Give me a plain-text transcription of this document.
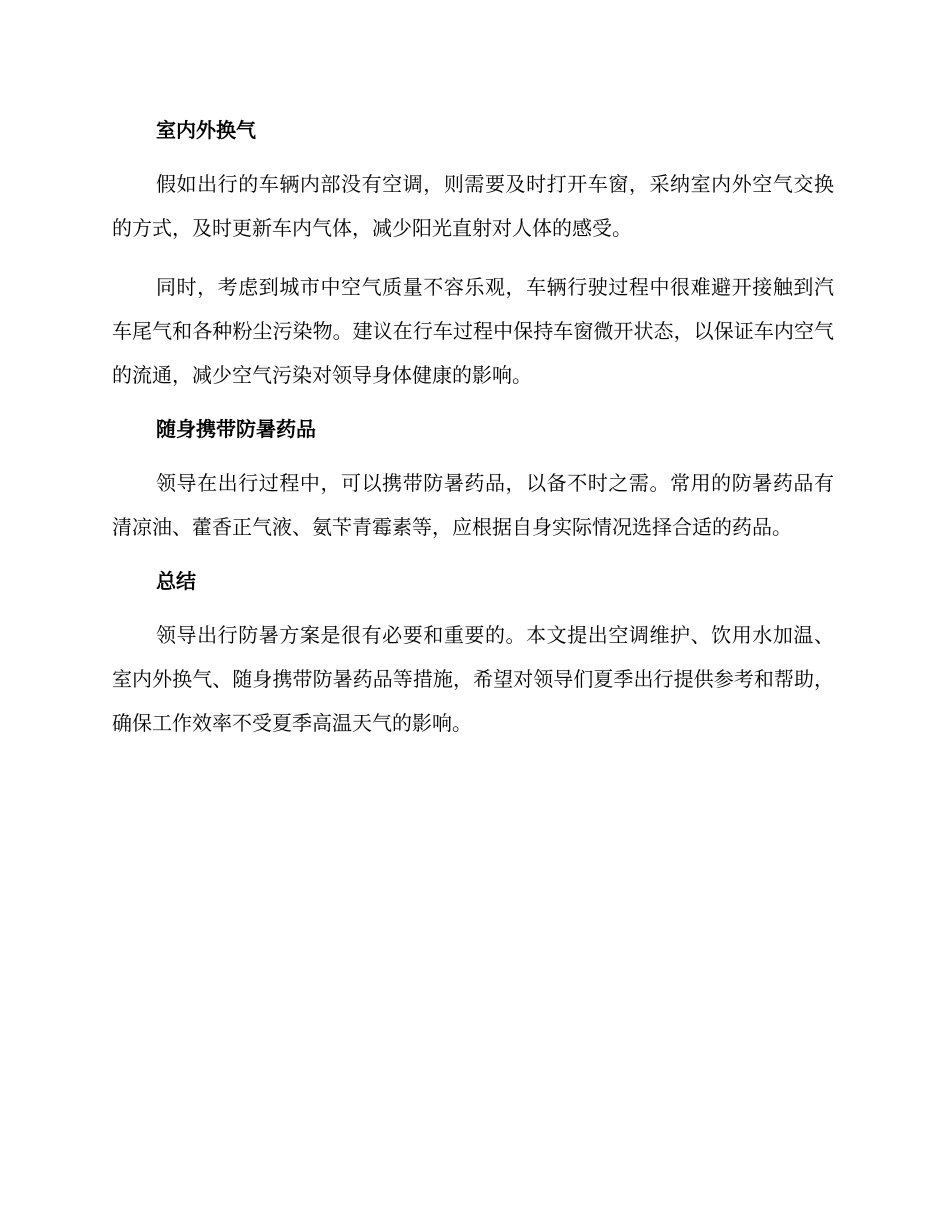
室内外换气

假如出行的车辆内部没有空调，则需要及时打开车窗，采纳室内外空气交换的方式，及时更新车内气体，减少阳光直射对人体的感受。

同时，考虑到城市中空气质量不容乐观，车辆行驶过程中很难避开接触到汽车尾气和各种粉尘污染物。建议在行车过程中保持车窗微开状态，以保证车内空气的流通，减少空气污染对领导身体健康的影响。

随身携带防暑药品

领导在出行过程中，可以携带防暑药品，以备不时之需。常用的防暑药品有清凉油、藿香正气液、氨苄青霉素等，应根据自身实际情况选择合适的药品。

总结

领导出行防暑方案是很有必要和重要的。本文提出空调维护、饮用水加温、室内外换气、随身携带防暑药品等措施，希望对领导们夏季出行提供参考和帮助，确保工作效率不受夏季高温天气的影响。
